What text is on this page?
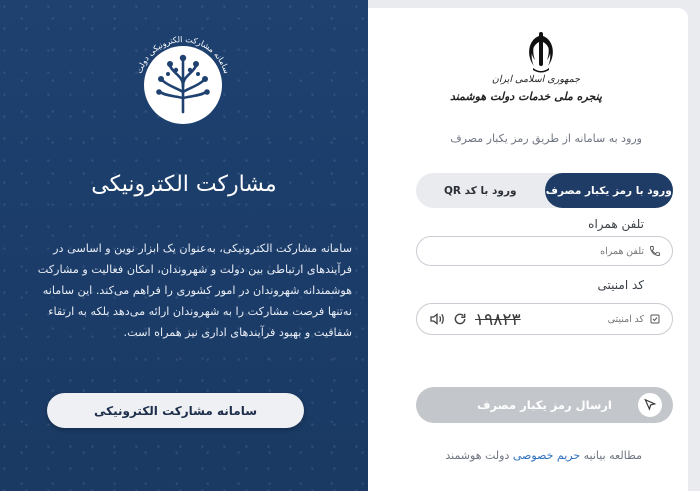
سامانه مشارکت الکترونیکی دولت
مشارکت الکترونیکی
سامانه مشارکت الکترونیکی، به‌عنوان یک ابزار نوین و اساسی در فرآیندهای ارتباطی بین دولت و شهروندان، امکان فعالیت و مشارکت هوشمندانه شهروندان در امور کشوری را فراهم می‌کند. این سامانه نه‌تنها فرصت مشارکت را به شهروندان ارائه می‌دهد بلکه به ارتقاء شفافیت و بهبود فرآیندهای اداری نیز همراه است.
سامانه مشارکت الکترونیکی
جمهوری اسلامی ایران
پنجره ملی خدمات دولت هوشمند
ورود به سامانه از طریق رمز یکبار مصرف
ورود با رمز یکبار مصرف
ورود با کد QR
تلفن همراه
تلفن همراه
کد امنیتی
کد امنیتی
۱۹۸۲۳
ارسال رمز یکبار مصرف
مطالعه بیانیه حریم خصوصی دولت هوشمند
